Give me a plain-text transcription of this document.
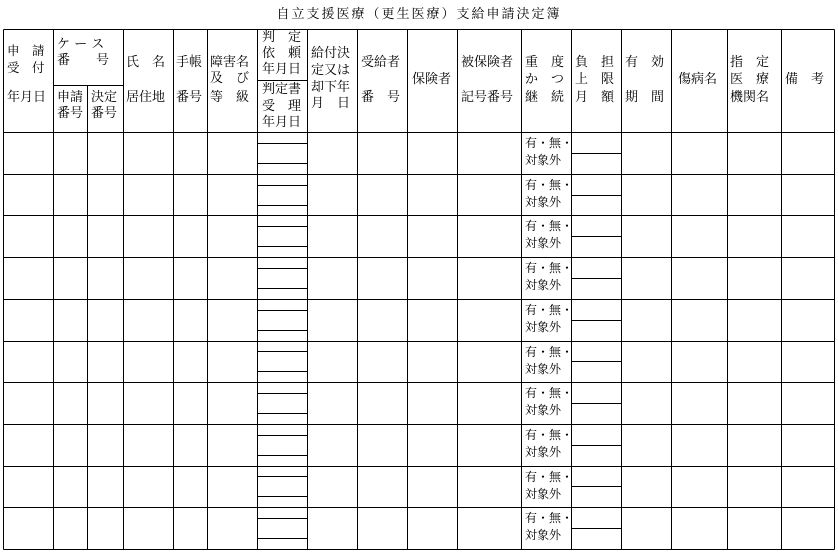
自立支援医療（更生医療）支給申請決定簿
申　請
受　付
年月日
ケ ー ス
番　　号
申請
番号
決定
番号
氏　名
居住地
手帳
番号
障害名
及　び
等　級
判　定
依　頼
年月日
判定書
受　理
年月日
給付決
定又は
却下年
月　日
受給者
番　号
保険者
被保険者
記号番号
重　度
か　つ
継　続
負　担
上　限
月　額
有　効
期　間
傷病名
指　定
医　療
機関名
備　考
有・無・
対象外
有・無・
対象外
有・無・
対象外
有・無・
対象外
有・無・
対象外
有・無・
対象外
有・無・
対象外
有・無・
対象外
有・無・
対象外
有・無・
対象外
